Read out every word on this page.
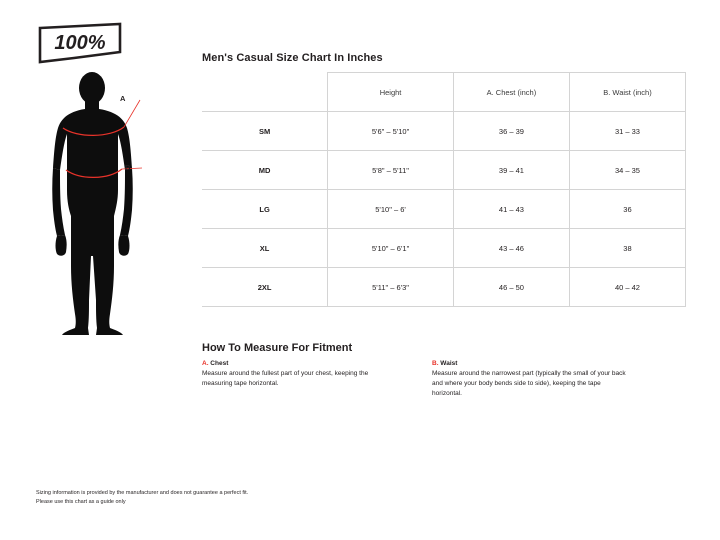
100%
A
B
Men's Casual Size Chart In Inches
	Height	A. Chest (inch)	B. Waist (inch)
SM	5'6" – 5'10"	36 – 39	31 – 33
MD	5'8" – 5'11"	39 – 41	34 – 35
LG	5'10" – 6'	41 – 43	36
XL	5'10" – 6'1"	43 – 46	38
2XL	5'11" – 6'3"	46 – 50	40 – 42
How To Measure For Fitment
A. Chest
Measure around the fullest part of your chest, keeping the measuring tape horizontal.
B. Waist
Measure around the narrowest part (typically the small of your back and where your body bends side to side), keeping the tape horizontal.
Sizing information is provided by the manufacturer and does not guarantee a perfect fit.
Please use this chart as a guide only
